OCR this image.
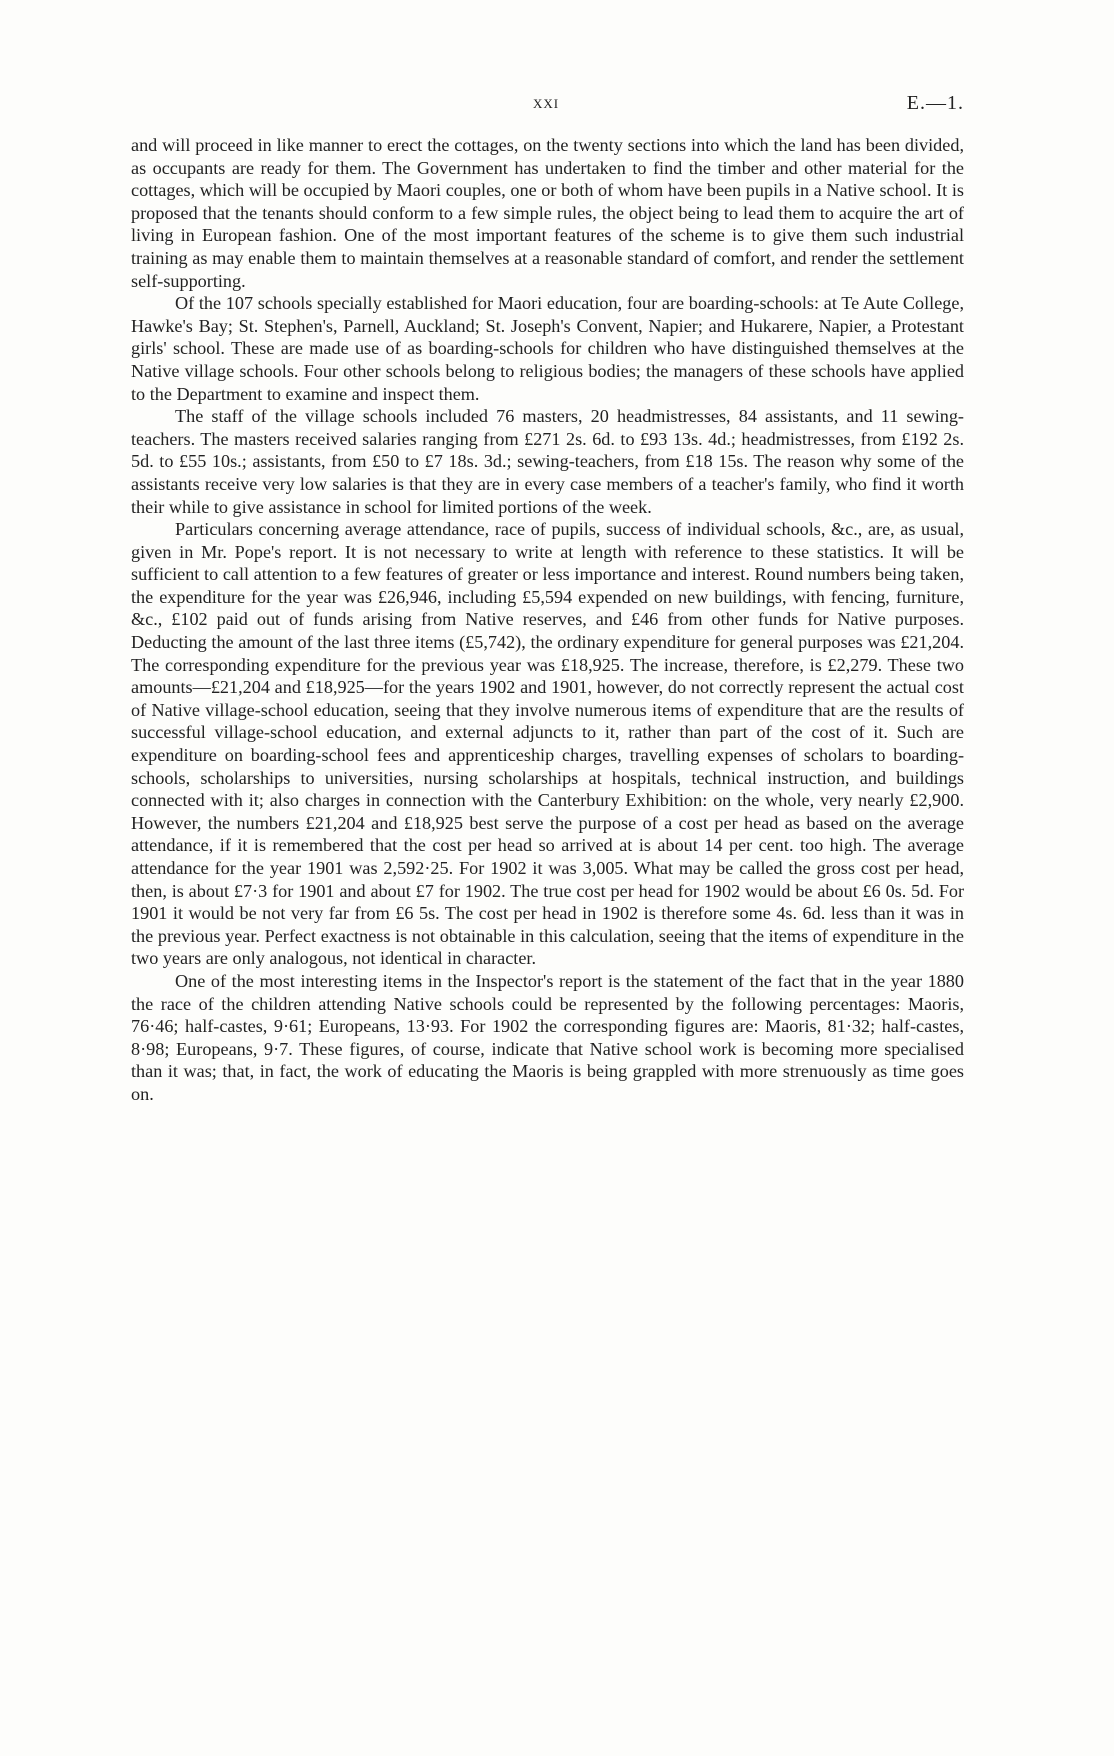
xxi	E.—1.

and will proceed in like manner to erect the cottages, on the twenty sections into which the land has been divided, as occupants are ready for them. The Government has undertaken to find the timber and other material for the cottages, which will be occupied by Maori couples, one or both of whom have been pupils in a Native school. It is proposed that the tenants should conform to a few simple rules, the object being to lead them to acquire the art of living in European fashion. One of the most important features of the scheme is to give them such industrial training as may enable them to maintain themselves at a reasonable standard of comfort, and render the settlement self-supporting.

Of the 107 schools specially established for Maori education, four are boarding-schools: at Te Aute College, Hawke's Bay; St. Stephen's, Parnell, Auckland; St. Joseph's Convent, Napier; and Hukarere, Napier, a Protestant girls' school. These are made use of as boarding-schools for children who have distinguished themselves at the Native village schools. Four other schools belong to religious bodies; the managers of these schools have applied to the Department to examine and inspect them.

The staff of the village schools included 76 masters, 20 headmistresses, 84 assistants, and 11 sewing-teachers. The masters received salaries ranging from £271 2s. 6d. to £93 13s. 4d.; headmistresses, from £192 2s. 5d. to £55 10s.; assistants, from £50 to £7 18s. 3d.; sewing-teachers, from £18 15s. The reason why some of the assistants receive very low salaries is that they are in every case members of a teacher's family, who find it worth their while to give assistance in school for limited portions of the week.

Particulars concerning average attendance, race of pupils, success of individual schools, &c., are, as usual, given in Mr. Pope's report. It is not necessary to write at length with reference to these statistics. It will be sufficient to call attention to a few features of greater or less importance and interest. Round numbers being taken, the expenditure for the year was £26,946, including £5,594 expended on new buildings, with fencing, furniture, &c., £102 paid out of funds arising from Native reserves, and £46 from other funds for Native purposes. Deducting the amount of the last three items (£5,742), the ordinary expenditure for general purposes was £21,204. The corresponding expenditure for the previous year was £18,925. The increase, therefore, is £2,279. These two amounts—£21,204 and £18,925—for the years 1902 and 1901, however, do not correctly represent the actual cost of Native village-school education, seeing that they involve numerous items of expenditure that are the results of successful village-school education, and external adjuncts to it, rather than part of the cost of it. Such are expenditure on boarding-school fees and apprenticeship charges, travelling expenses of scholars to boarding-schools, scholarships to universities, nursing scholarships at hospitals, technical instruction, and buildings connected with it; also charges in connection with the Canterbury Exhibition: on the whole, very nearly £2,900. However, the numbers £21,204 and £18,925 best serve the purpose of a cost per head as based on the average attendance, if it is remembered that the cost per head so arrived at is about 14 per cent. too high. The average attendance for the year 1901 was 2,592·25. For 1902 it was 3,005. What may be called the gross cost per head, then, is about £7·3 for 1901 and about £7 for 1902. The true cost per head for 1902 would be about £6 0s. 5d. For 1901 it would be not very far from £6 5s. The cost per head in 1902 is therefore some 4s. 6d. less than it was in the previous year. Perfect exactness is not obtainable in this calculation, seeing that the items of expenditure in the two years are only analogous, not identical in character.

One of the most interesting items in the Inspector's report is the statement of the fact that in the year 1880 the race of the children attending Native schools could be represented by the following percentages: Maoris, 76·46; half-castes, 9·61; Europeans, 13·93. For 1902 the corresponding figures are: Maoris, 81·32; half-castes, 8·98; Europeans, 9·7. These figures, of course, indicate that Native school work is becoming more specialised than it was; that, in fact, the work of educating the Maoris is being grappled with more strenuously as time goes on.
